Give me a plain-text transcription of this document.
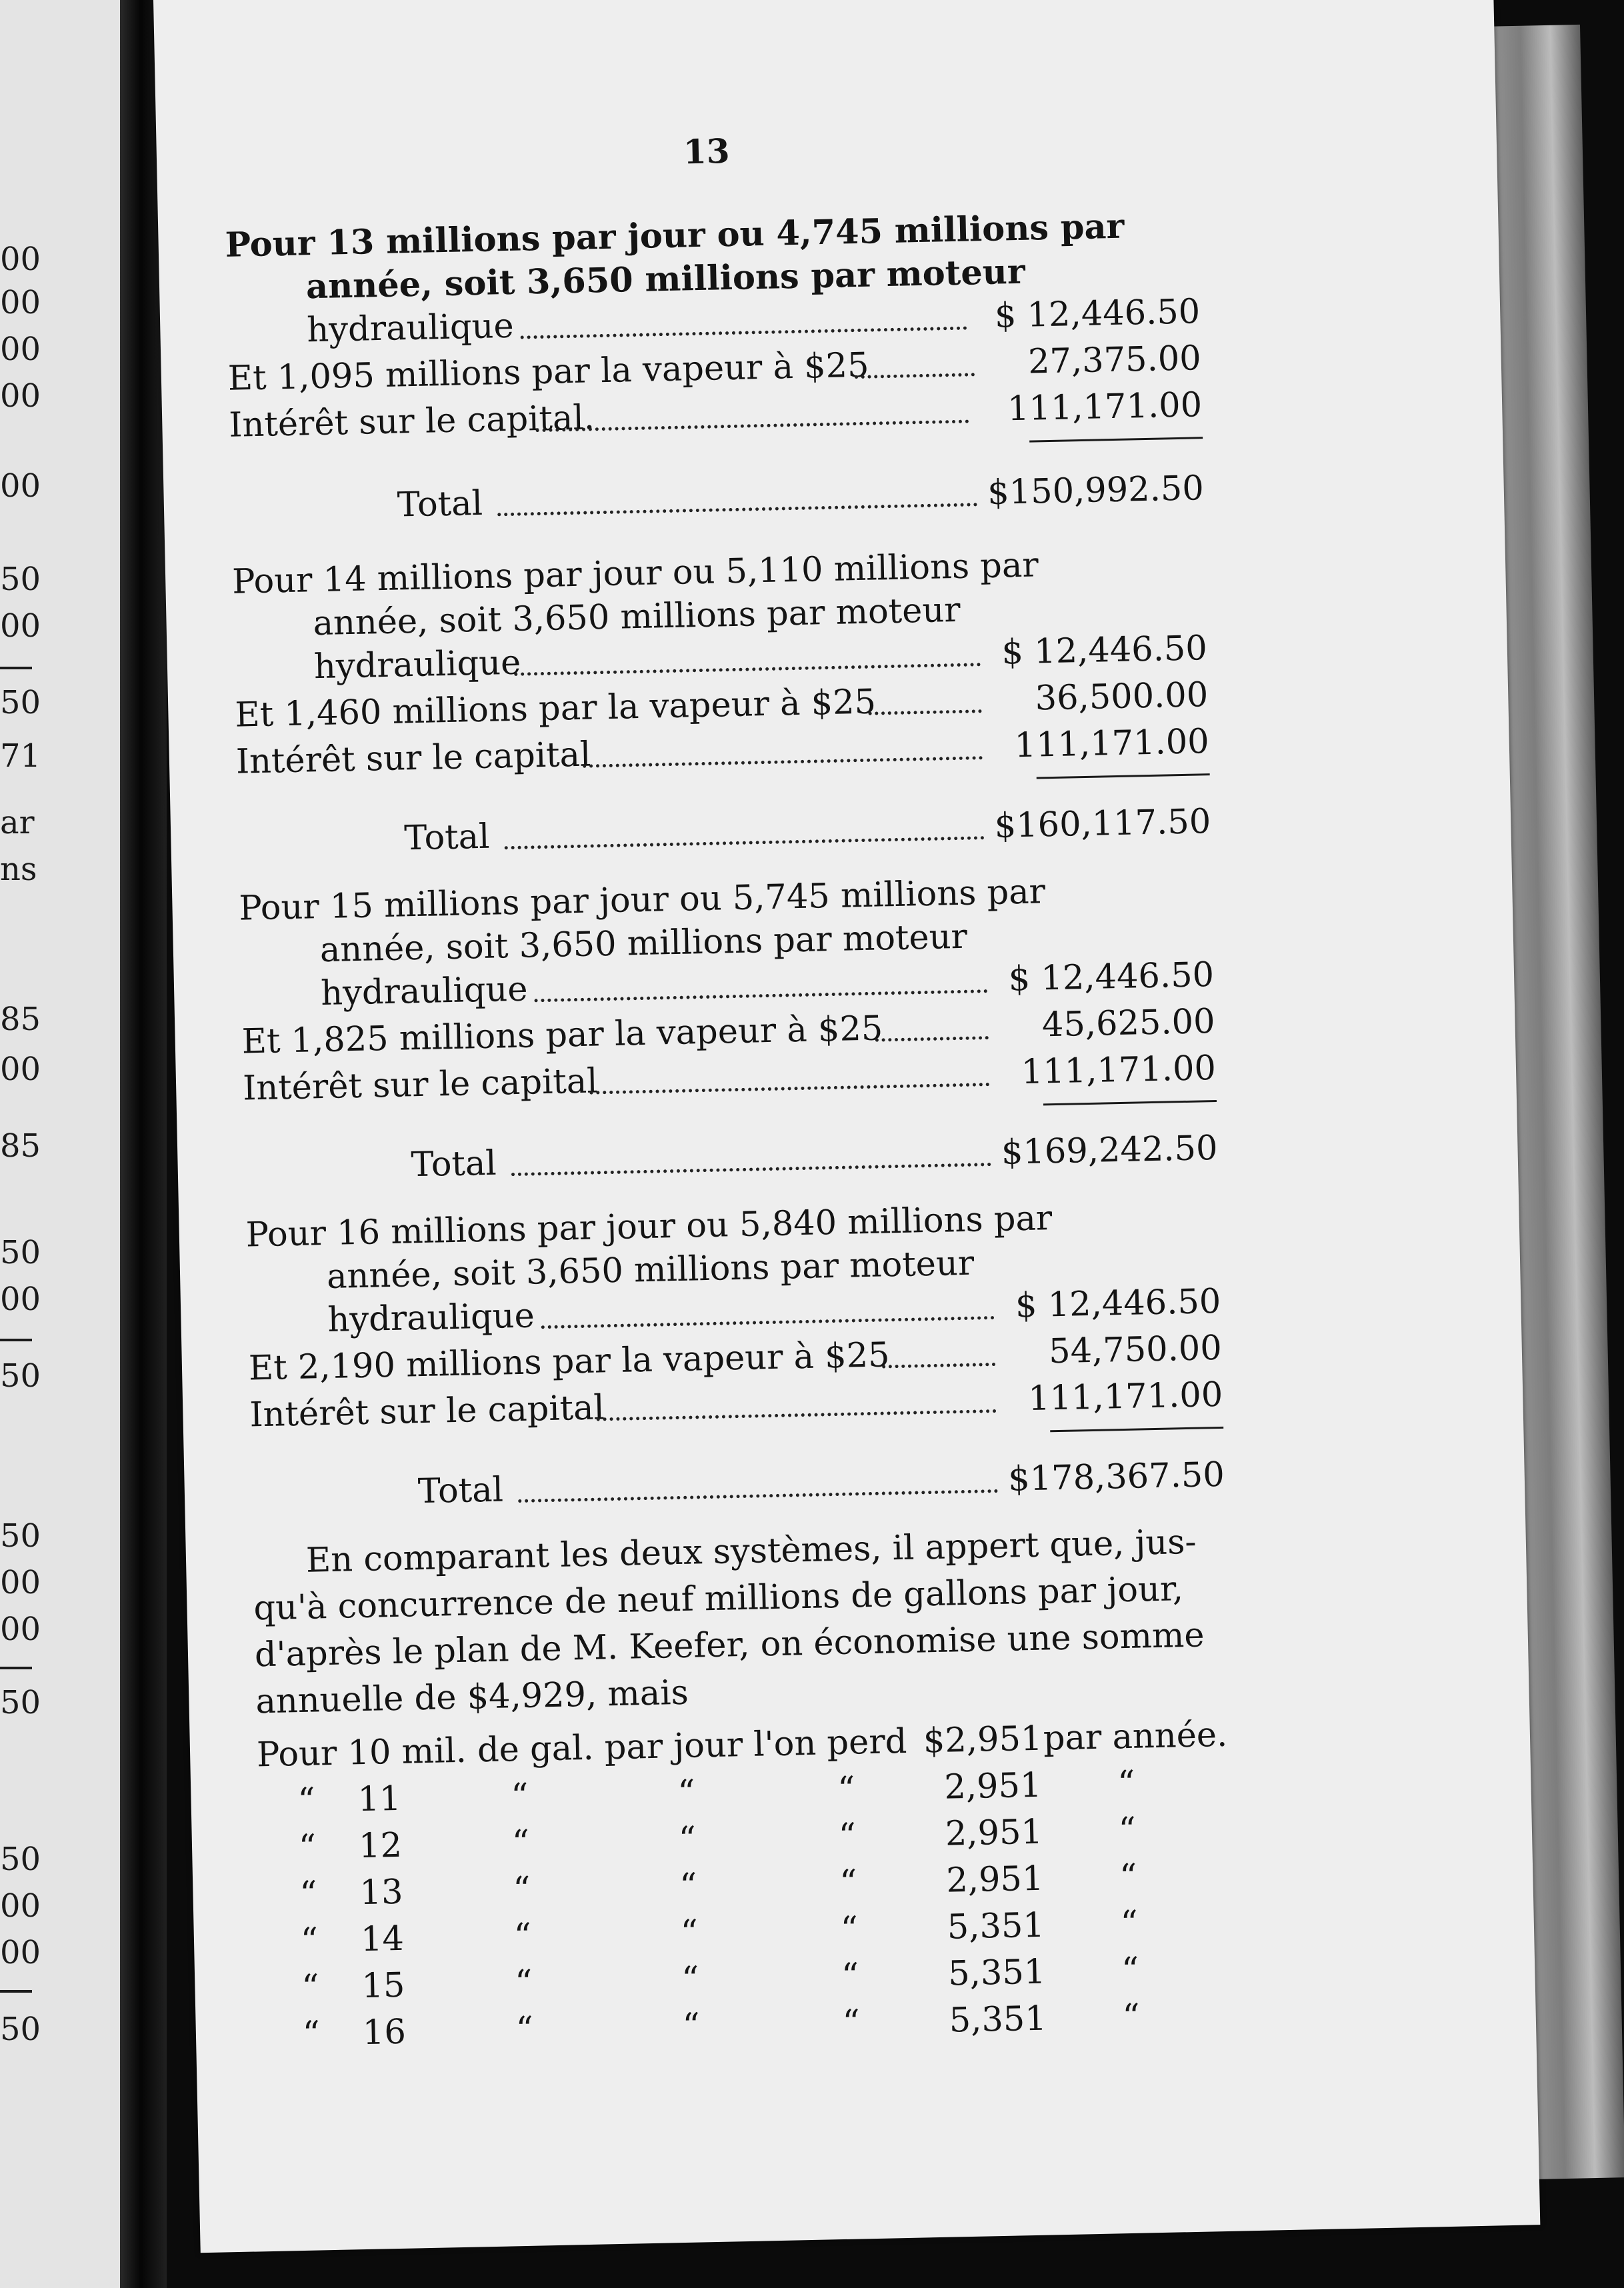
00
00
00
00
00
50
00
50
71
ar
ns
85
00
85
50
00
50
50
00
00
50
50
00
00
50
13
Pour 13 millions par jour ou 4,745 millions par
année, soit 3,650 millions par moteur
hydraulique	$ 12,446.50
Et 1,095 millions par la vapeur à $25	27,375.00
Intérêt sur le capital.	111,171.00
Total	$150,992.50
Pour 14 millions par jour ou 5,110 millions par
année, soit 3,650 millions par moteur
hydraulique	$ 12,446.50
Et 1,460 millions par la vapeur à $25	36,500.00
Intérêt sur le capital	111,171.00
Total	$160,117.50
Pour 15 millions par jour ou 5,745 millions par
année, soit 3,650 millions par moteur
hydraulique	$ 12,446.50
Et 1,825 millions par la vapeur à $25	45,625.00
Intérêt sur le capital	111,171.00
Total	$169,242.50
Pour 16 millions par jour ou 5,840 millions par
année, soit 3,650 millions par moteur
hydraulique	$ 12,446.50
Et 2,190 millions par la vapeur à $25	54,750.00
Intérêt sur le capital	111,171.00
Total	$178,367.50
En comparant les deux systèmes, il appert que, jus-
qu'à concurrence de neuf millions de gallons par jour,
d'après le plan de M. Keefer, on économise une somme
annuelle de $4,929, mais
Pour 10 mil. de gal. par jour l'on perd $2,951 par année.
“ 11	“	“	“	2,951 “
“ 12	“	“	“	2,951 “
“ 13	“	“	“	2,951 “
“ 14	“	“	“	5,351 “
“ 15	“	“	“	5,351 “
“ 16	“	“	“	5,351 “
